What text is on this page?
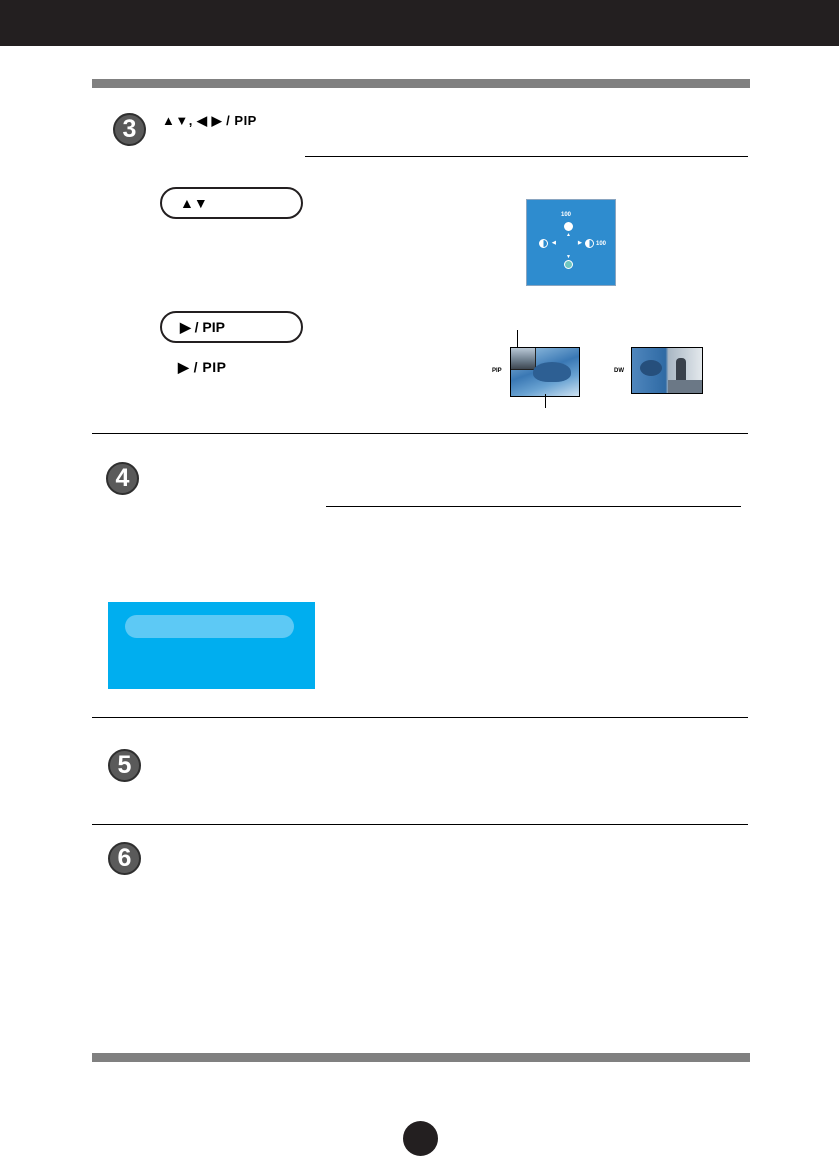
3 ▲▼, ◀ ▶ / PIP
▲▼
▶ / PIP
▶ / PIP
100
▲
◀	▶ 100
▼
PIP	DW
4
5
6
